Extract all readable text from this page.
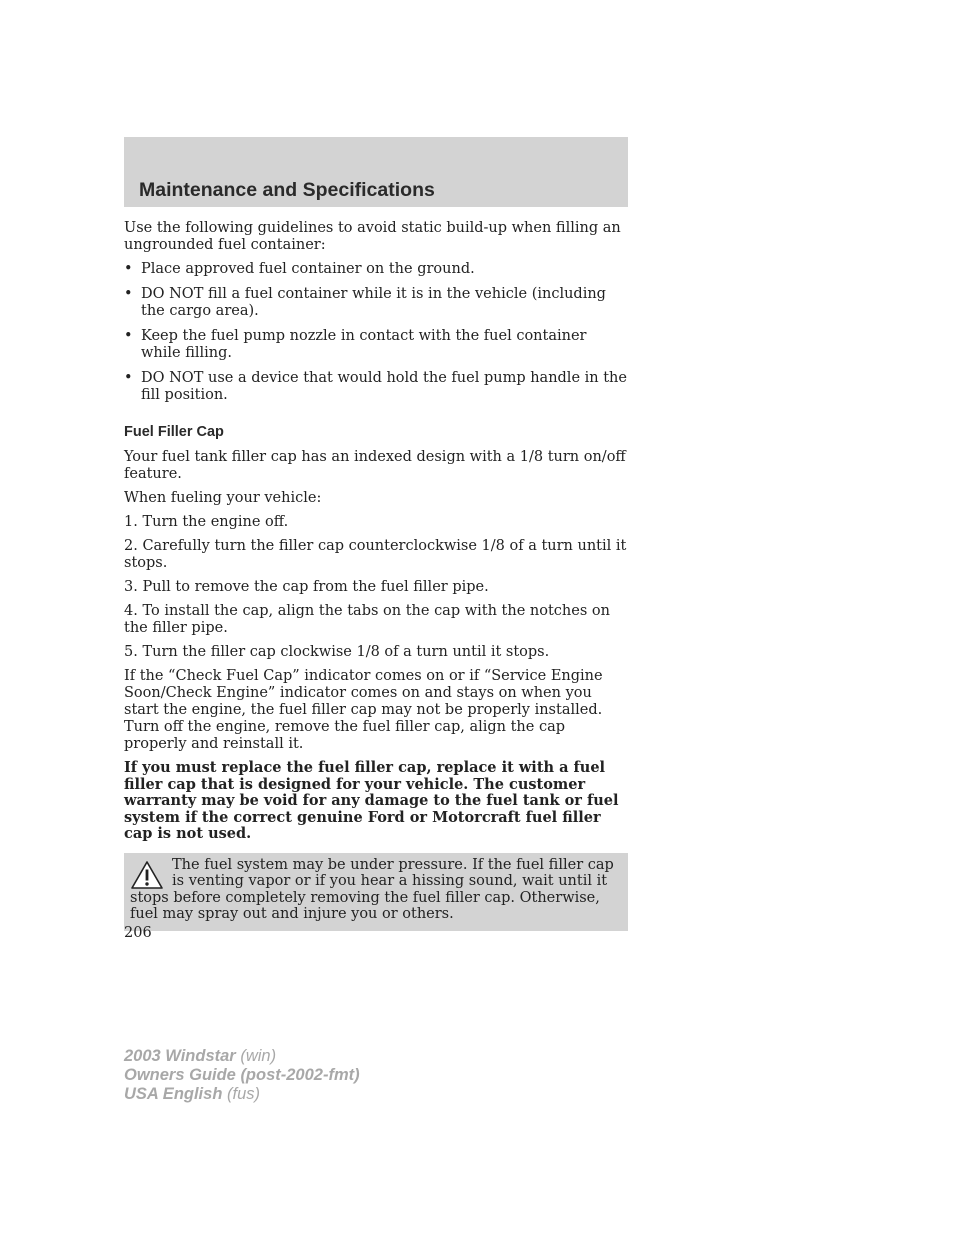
Maintenance and Specifications

Use the following guidelines to avoid static build-up when filling an ungrounded fuel container:

• Place approved fuel container on the ground.
• DO NOT fill a fuel container while it is in the vehicle (including the cargo area).
• Keep the fuel pump nozzle in contact with the fuel container while filling.
• DO NOT use a device that would hold the fuel pump handle in the fill position.
Fuel Filler Cap

Your fuel tank filler cap has an indexed design with a 1/8 turn on/off feature.

When fueling your vehicle:

1. Turn the engine off.

2. Carefully turn the filler cap counterclockwise 1/8 of a turn until it stops.

3. Pull to remove the cap from the fuel filler pipe.

4. To install the cap, align the tabs on the cap with the notches on the filler pipe.

5. Turn the filler cap clockwise 1/8 of a turn until it stops.

If the “Check Fuel Cap” indicator comes on or if “Service Engine Soon/Check Engine” indicator comes on and stays on when you start the engine, the fuel filler cap may not be properly installed. Turn off the engine, remove the fuel filler cap, align the cap properly and reinstall it.

If you must replace the fuel filler cap, replace it with a fuel filler cap that is designed for your vehicle. The customer warranty may be void for any damage to the fuel tank or fuel system if the correct genuine Ford or Motorcraft fuel filler cap is not used.

The fuel system may be under pressure. If the fuel filler cap is venting vapor or if you hear a hissing sound, wait until it stops before completely removing the fuel filler cap. Otherwise, fuel may spray out and injure you or others.
206
2003 Windstar (win)
Owners Guide (post-2002-fmt)
USA English (fus)
